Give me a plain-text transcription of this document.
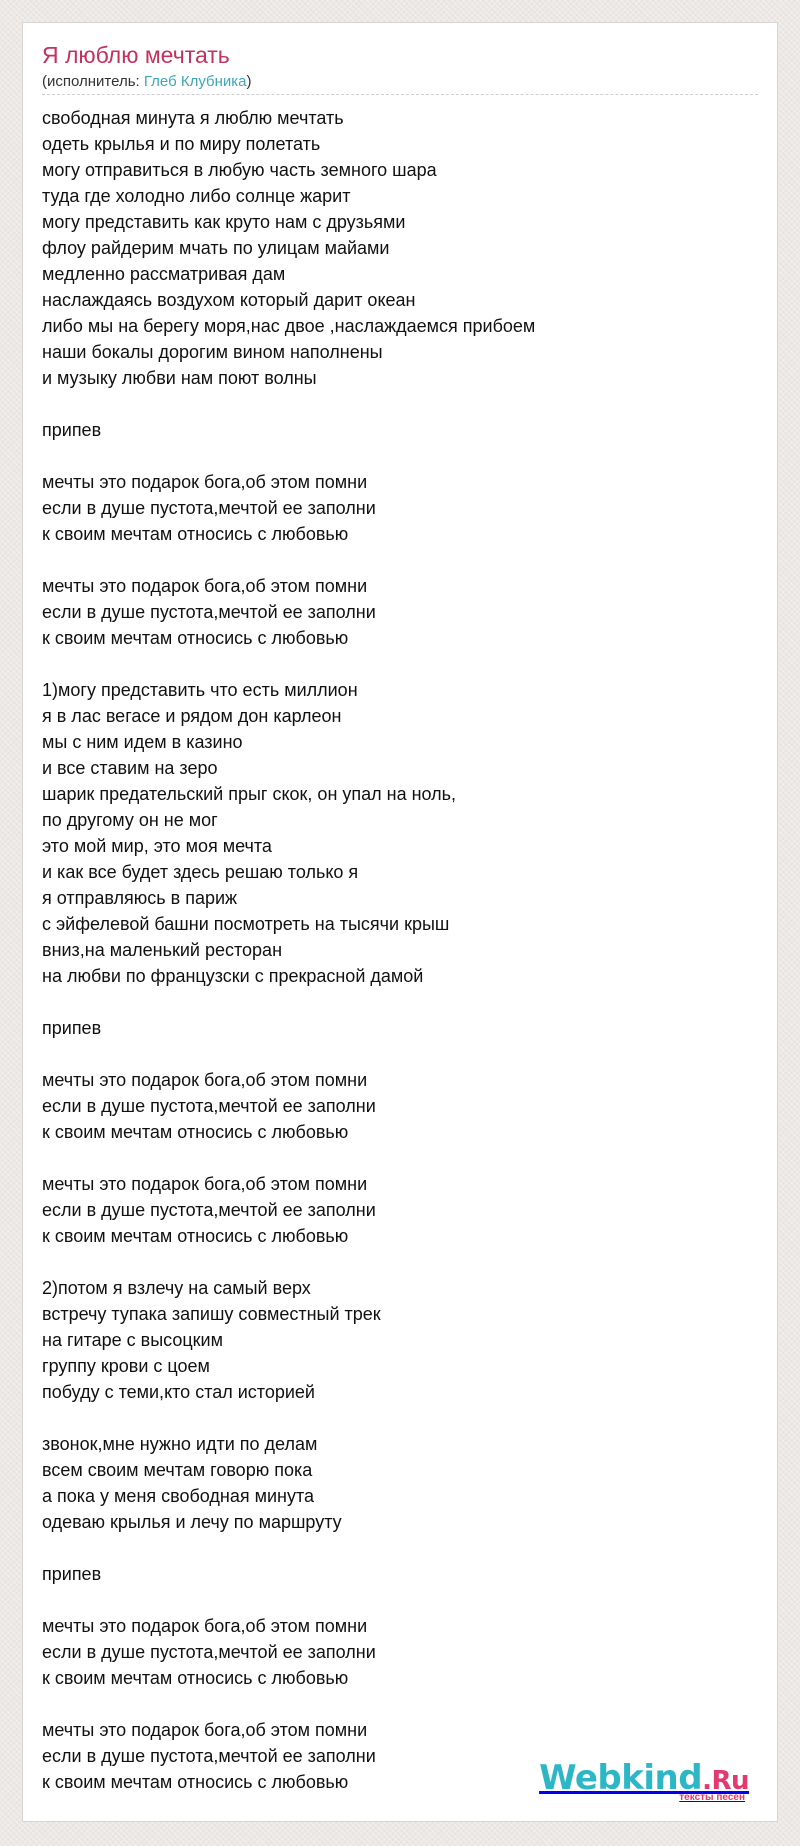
Я люблю мечтать
(исполнитель: Глеб Клубника)
свободная минута я люблю мечтать
одеть крылья и по миру полетать
могу отправиться в любую часть земного шара
туда где холодно либо солнце жарит
могу представить как круто нам с друзьями
флоу райдерим мчать по улицам майами
медленно рассматривая дам
наслаждаясь воздухом который дарит океан
либо мы на берегу моря,нас двое ,наслаждаемся прибоем
наши бокалы дорогим вином наполнены
и музыку любви нам поют волны
припев
мечты это подарок бога,об этом помни
если в душе пустота,мечтой ее заполни
к своим мечтам относись с любовью
мечты это подарок бога,об этом помни
если в душе пустота,мечтой ее заполни
к своим мечтам относись с любовью
1)могу представить что есть миллион
я в лас вегасе и рядом дон карлеон
мы с ним идем в казино
и все ставим на зеро
шарик предательский прыг скок, он упал на ноль,
по другому он не мог
это мой мир, это моя мечта
и как все будет здесь решаю только я
я отправляюсь в париж
с эйфелевой башни посмотреть на тысячи крыш
вниз,на маленький ресторан
на любви по французски с прекрасной дамой
припев
мечты это подарок бога,об этом помни
если в душе пустота,мечтой ее заполни
к своим мечтам относись с любовью
мечты это подарок бога,об этом помни
если в душе пустота,мечтой ее заполни
к своим мечтам относись с любовью
2)потом я взлечу на самый верх
встречу тупака запишу совместный трек
на гитаре с высоцким
группу крови с цоем
побуду с теми,кто стал историей
звонок,мне нужно идти по делам
всем своим мечтам говорю пока
а пока у меня свободная минута
одеваю крылья и лечу по маршруту
припев
мечты это подарок бога,об этом помни
если в душе пустота,мечтой ее заполни
к своим мечтам относись с любовью
мечты это подарок бога,об этом помни
если в душе пустота,мечтой ее заполни
к своим мечтам относись с любовью	Webkind.Ru
тексты песен
